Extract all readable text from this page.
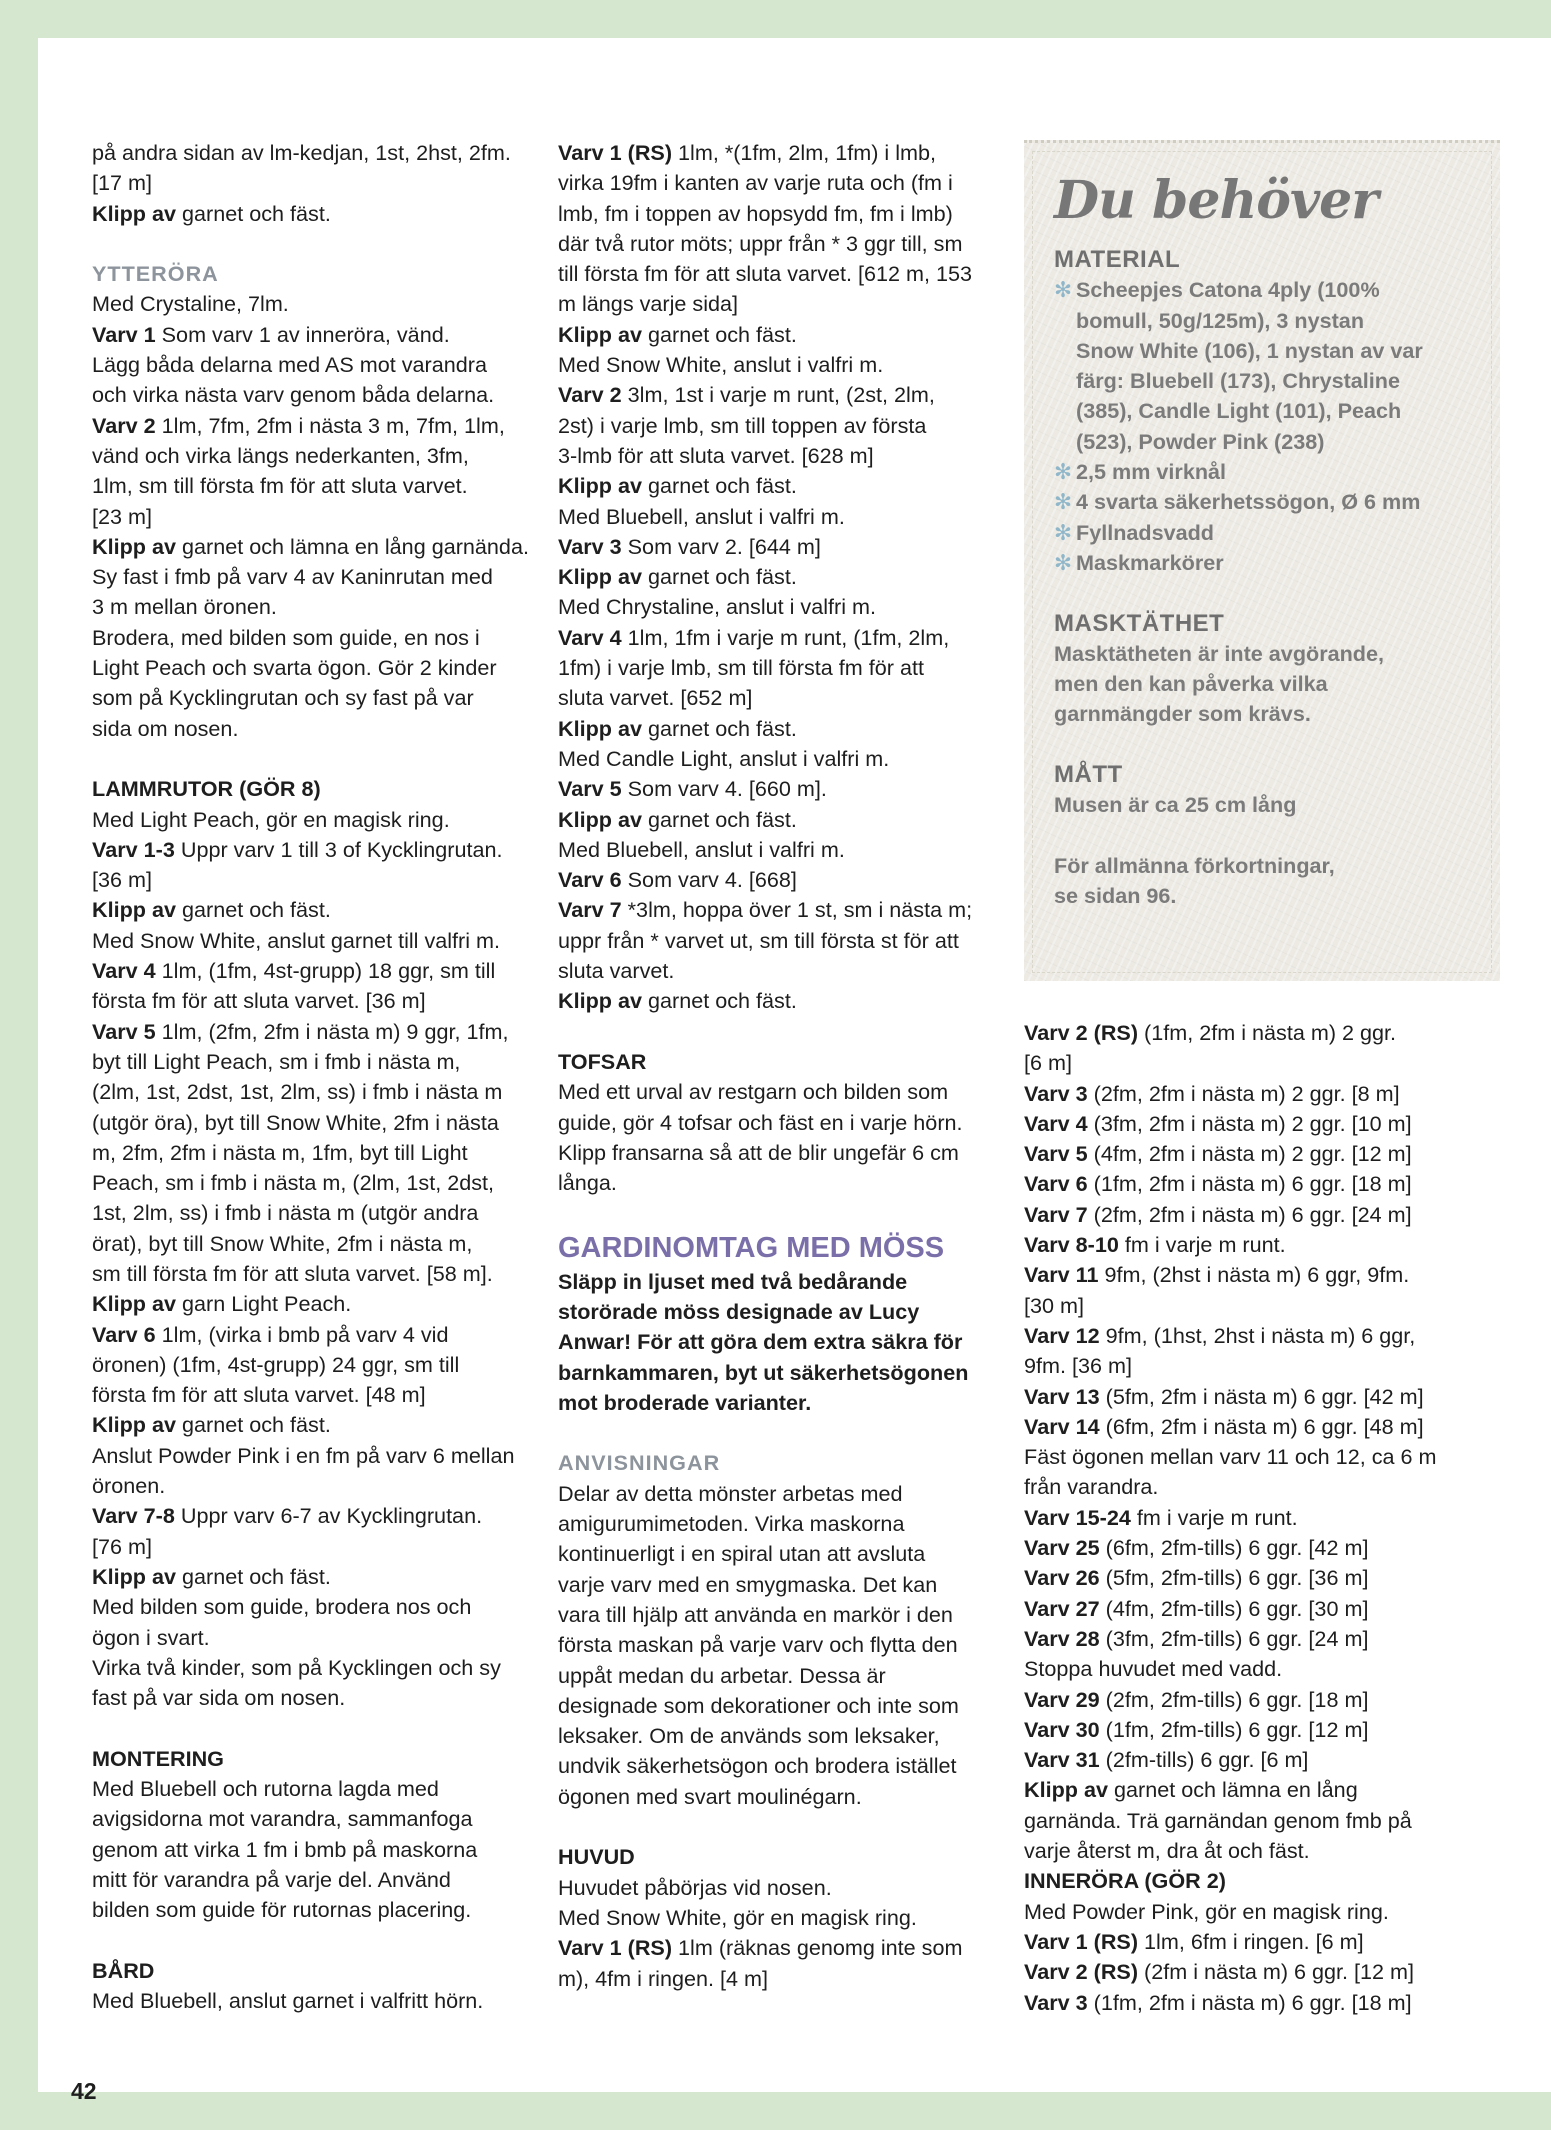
på andra sidan av lm-kedjan, 1st, 2hst, 2fm.
[17 m]
Klipp av garnet och fäst.
YTTERÖRA
Med Crystaline, 7lm.
Varv 1 Som varv 1 av inneröra, vänd.
Lägg båda delarna med AS mot varandra
och virka nästa varv genom båda delarna.
Varv 2 1lm, 7fm, 2fm i nästa 3 m, 7fm, 1lm,
vänd och virka längs nederkanten, 3fm,
1lm, sm till första fm för att sluta varvet.
[23 m]
Klipp av garnet och lämna en lång garnända.
Sy fast i fmb på varv 4 av Kaninrutan med
3 m mellan öronen.
Brodera, med bilden som guide, en nos i
Light Peach och svarta ögon. Gör 2 kinder
som på Kycklingrutan och sy fast på var
sida om nosen.
LAMMRUTOR (GÖR 8)
Med Light Peach, gör en magisk ring.
Varv 1-3 Uppr varv 1 till 3 of Kycklingrutan.
[36 m]
Klipp av garnet och fäst.
Med Snow White, anslut garnet till valfri m.
Varv 4 1lm, (1fm, 4st-grupp) 18 ggr, sm till
första fm för att sluta varvet. [36 m]
Varv 5 1lm, (2fm, 2fm i nästa m) 9 ggr, 1fm,
byt till Light Peach, sm i fmb i nästa m,
(2lm, 1st, 2dst, 1st, 2lm, ss) i fmb i nästa m
(utgör öra), byt till Snow White, 2fm i nästa
m, 2fm, 2fm i nästa m, 1fm, byt till Light
Peach, sm i fmb i nästa m, (2lm, 1st, 2dst,
1st, 2lm, ss) i fmb i nästa m (utgör andra
örat), byt till Snow White, 2fm i nästa m,
sm till första fm för att sluta varvet. [58 m].
Klipp av garn Light Peach.
Varv 6 1lm, (virka i bmb på varv 4 vid
öronen) (1fm, 4st-grupp) 24 ggr, sm till
första fm för att sluta varvet. [48 m]
Klipp av garnet och fäst.
Anslut Powder Pink i en fm på varv 6 mellan
öronen.
Varv 7-8 Uppr varv 6-7 av Kycklingrutan.
[76 m]
Klipp av garnet och fäst.
Med bilden som guide, brodera nos och
ögon i svart.
Virka två kinder, som på Kycklingen och sy
fast på var sida om nosen.
MONTERING
Med Bluebell och rutorna lagda med
avigsidorna mot varandra, sammanfoga
genom att virka 1 fm i bmb på maskorna
mitt för varandra på varje del. Använd
bilden som guide för rutornas placering.
BÅRD
Med Bluebell, anslut garnet i valfritt hörn.
Varv 1 (RS) 1lm, *(1fm, 2lm, 1fm) i lmb,
virka 19fm i kanten av varje ruta och (fm i
lmb, fm i toppen av hopsydd fm, fm i lmb)
där två rutor möts; uppr från * 3 ggr till, sm
till första fm för att sluta varvet. [612 m, 153
m längs varje sida]
Klipp av garnet och fäst.
Med Snow White, anslut i valfri m.
Varv 2 3lm, 1st i varje m runt, (2st, 2lm,
2st) i varje lmb, sm till toppen av första
3-lmb för att sluta varvet. [628 m]
Klipp av garnet och fäst.
Med Bluebell, anslut i valfri m.
Varv 3 Som varv 2. [644 m]
Klipp av garnet och fäst.
Med Chrystaline, anslut i valfri m.
Varv 4 1lm, 1fm i varje m runt, (1fm, 2lm,
1fm) i varje lmb, sm till första fm för att
sluta varvet. [652 m]
Klipp av garnet och fäst.
Med Candle Light, anslut i valfri m.
Varv 5 Som varv 4. [660 m].
Klipp av garnet och fäst.
Med Bluebell, anslut i valfri m.
Varv 6 Som varv 4. [668]
Varv 7 *3lm, hoppa över 1 st, sm i nästa m;
uppr från * varvet ut, sm till första st för att
sluta varvet.
Klipp av garnet och fäst.
TOFSAR
Med ett urval av restgarn och bilden som
guide, gör 4 tofsar och fäst en i varje hörn.
Klipp fransarna så att de blir ungefär 6 cm
långa.
GARDINOMTAG MED MÖSS
Släpp in ljuset med två bedårande
storörade möss designade av Lucy
Anwar! För att göra dem extra säkra för
barnkammaren, byt ut säkerhetsögonen
mot broderade varianter.
ANVISNINGAR
Delar av detta mönster arbetas med
amigurumimetoden. Virka maskorna
kontinuerligt i en spiral utan att avsluta
varje varv med en smygmaska. Det kan
vara till hjälp att använda en markör i den
första maskan på varje varv och flytta den
uppåt medan du arbetar. Dessa är
designade som dekorationer och inte som
leksaker. Om de används som leksaker,
undvik säkerhetsögon och brodera istället
ögonen med svart moulinégarn.
HUVUD
Huvudet påbörjas vid nosen.
Med Snow White, gör en magisk ring.
Varv 1 (RS) 1lm (räknas genomg inte som
m), 4fm i ringen. [4 m]
Du behöver
MATERIAL
✻ Scheepjes Catona 4ply (100%
bomull, 50g/125m), 3 nystan
Snow White (106), 1 nystan av var
färg: Bluebell (173), Chrystaline
(385), Candle Light (101), Peach
(523), Powder Pink (238)
✻ 2,5 mm virknål
✻ 4 svarta säkerhetssögon, Ø 6 mm
✻ Fyllnadsvadd
✻ Maskmarkörer
MASKTÄTHET
Masktätheten är inte avgörande,
men den kan påverka vilka
garnmängder som krävs.
MÅTT
Musen är ca 25 cm lång
För allmänna förkortningar,
se sidan 96.
Varv 2 (RS) (1fm, 2fm i nästa m) 2 ggr.
[6 m]
Varv 3 (2fm, 2fm i nästa m) 2 ggr. [8 m]
Varv 4 (3fm, 2fm i nästa m) 2 ggr. [10 m]
Varv 5 (4fm, 2fm i nästa m) 2 ggr. [12 m]
Varv 6 (1fm, 2fm i nästa m) 6 ggr. [18 m]
Varv 7 (2fm, 2fm i nästa m) 6 ggr. [24 m]
Varv 8-10 fm i varje m runt.
Varv 11 9fm, (2hst i nästa m) 6 ggr, 9fm.
[30 m]
Varv 12 9fm, (1hst, 2hst i nästa m) 6 ggr,
9fm. [36 m]
Varv 13 (5fm, 2fm i nästa m) 6 ggr. [42 m]
Varv 14 (6fm, 2fm i nästa m) 6 ggr. [48 m]
Fäst ögonen mellan varv 11 och 12, ca 6 m
från varandra.
Varv 15-24 fm i varje m runt.
Varv 25 (6fm, 2fm-tills) 6 ggr. [42 m]
Varv 26 (5fm, 2fm-tills) 6 ggr. [36 m]
Varv 27 (4fm, 2fm-tills) 6 ggr. [30 m]
Varv 28 (3fm, 2fm-tills) 6 ggr. [24 m]
Stoppa huvudet med vadd.
Varv 29 (2fm, 2fm-tills) 6 ggr. [18 m]
Varv 30 (1fm, 2fm-tills) 6 ggr. [12 m]
Varv 31 (2fm-tills) 6 ggr. [6 m]
Klipp av garnet och lämna en lång
garnända. Trä garnändan genom fmb på
varje återst m, dra åt och fäst.
INNERÖRA (GÖR 2)
Med Powder Pink, gör en magisk ring.
Varv 1 (RS) 1lm, 6fm i ringen. [6 m]
Varv 2 (RS) (2fm i nästa m) 6 ggr. [12 m]
Varv 3 (1fm, 2fm i nästa m) 6 ggr. [18 m]
42
